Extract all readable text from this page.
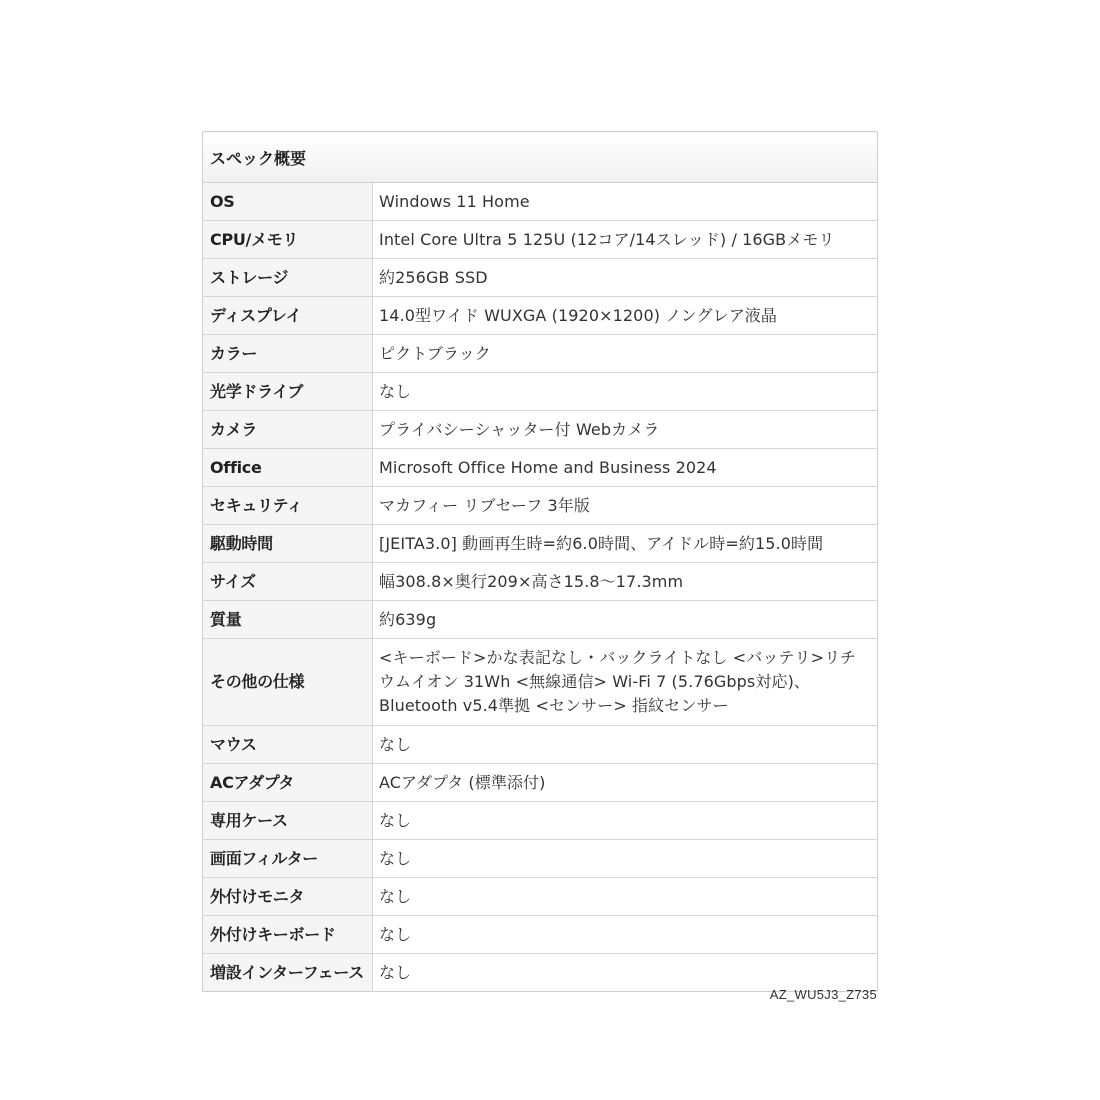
スペック概要	
OS	Windows 11 Home
CPU/メモリ	Intel Core Ultra 5 125U (12コア/14スレッド) / 16GBメモリ
ストレージ	約256GB SSD
ディスプレイ	14.0型ワイド WUXGA (1920×1200) ノングレア液晶
カラー	ピクトブラック
光学ドライブ	なし
カメラ	プライバシーシャッター付 Webカメラ
Office	Microsoft Office Home and Business 2024
セキュリティ	マカフィー リブセーフ 3年版
駆動時間	[JEITA3.0] 動画再生時=約6.0時間、アイドル時=約15.0時間
サイズ	幅308.8×奥行209×高さ15.8～17.3mm
質量	約639g
その他の仕様	<キーボード>かな表記なし・バックライトなし <バッテリ>リチウムイオン 31Wh <無線通信> Wi-Fi 7 (5.76Gbps対応)、Bluetooth v5.4準拠 <センサー> 指紋センサー
マウス	なし
ACアダプタ	ACアダプタ (標準添付)
専用ケース	なし
画面フィルター	なし
外付けモニタ	なし
外付けキーボード	なし
増設インターフェース	なし
AZ_WU5J3_Z735
